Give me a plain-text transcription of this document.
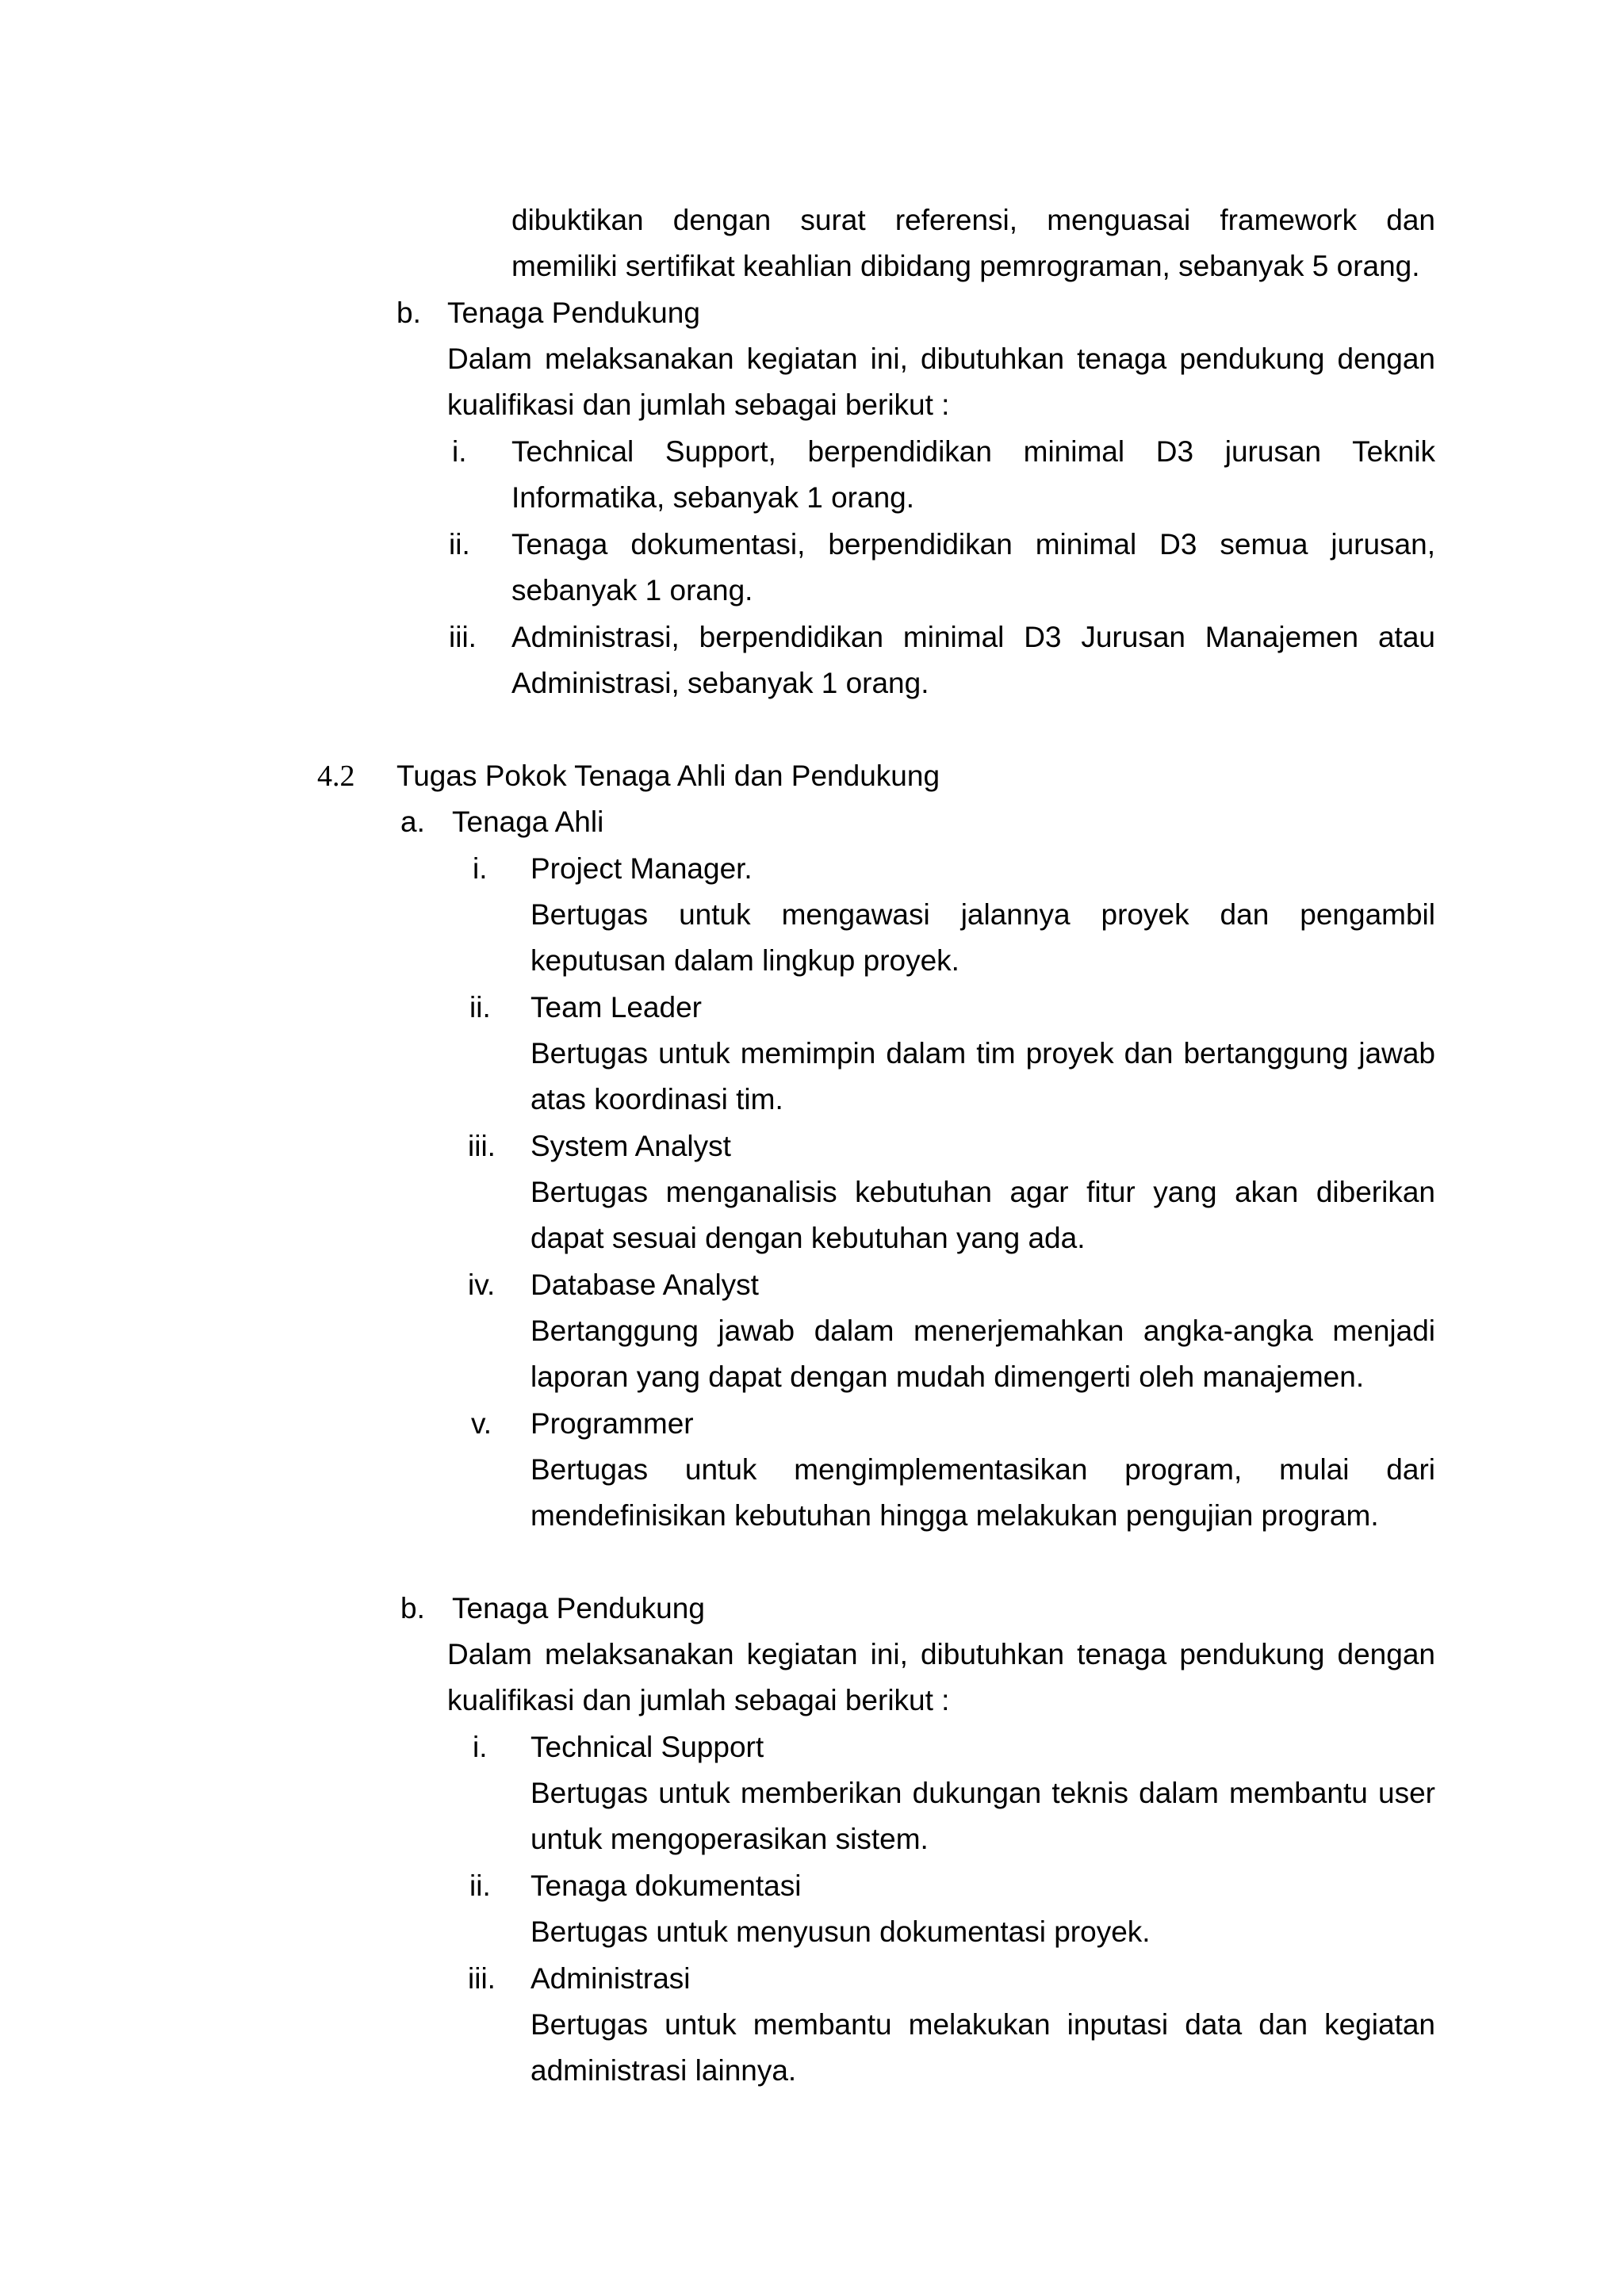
dibuktikan dengan surat referensi, menguasai framework dan
memiliki sertifikat keahlian dibidang pemrograman, sebanyak 5 orang.
b. Tenaga Pendukung
Dalam melaksanakan kegiatan ini, dibutuhkan tenaga pendukung dengan
kualifikasi dan jumlah sebagai berikut :
i. Technical Support, berpendidikan minimal D3 jurusan Teknik
Informatika, sebanyak 1 orang.
ii. Tenaga dokumentasi, berpendidikan minimal D3 semua jurusan,
sebanyak 1 orang.
iii. Administrasi, berpendidikan minimal D3 Jurusan Manajemen atau
Administrasi, sebanyak 1 orang.
4.2 Tugas Pokok Tenaga Ahli dan Pendukung
a. Tenaga Ahli
i. Project Manager.
Bertugas untuk mengawasi jalannya proyek dan pengambil
keputusan dalam lingkup proyek.
ii. Team Leader
Bertugas untuk memimpin dalam tim proyek dan bertanggung jawab
atas koordinasi tim.
iii. System Analyst
Bertugas menganalisis kebutuhan agar fitur yang akan diberikan
dapat sesuai dengan kebutuhan yang ada.
iv. Database Analyst
Bertanggung jawab dalam menerjemahkan angka-angka menjadi
laporan yang dapat dengan mudah dimengerti oleh manajemen.
v. Programmer
Bertugas untuk mengimplementasikan program, mulai dari
mendefinisikan kebutuhan hingga melakukan pengujian program.
b. Tenaga Pendukung
Dalam melaksanakan kegiatan ini, dibutuhkan tenaga pendukung dengan
kualifikasi dan jumlah sebagai berikut :
i. Technical Support
Bertugas untuk memberikan dukungan teknis dalam membantu user
untuk mengoperasikan sistem.
ii. Tenaga dokumentasi
Bertugas untuk menyusun dokumentasi proyek.
iii. Administrasi
Bertugas untuk membantu melakukan inputasi data dan kegiatan
administrasi lainnya.
